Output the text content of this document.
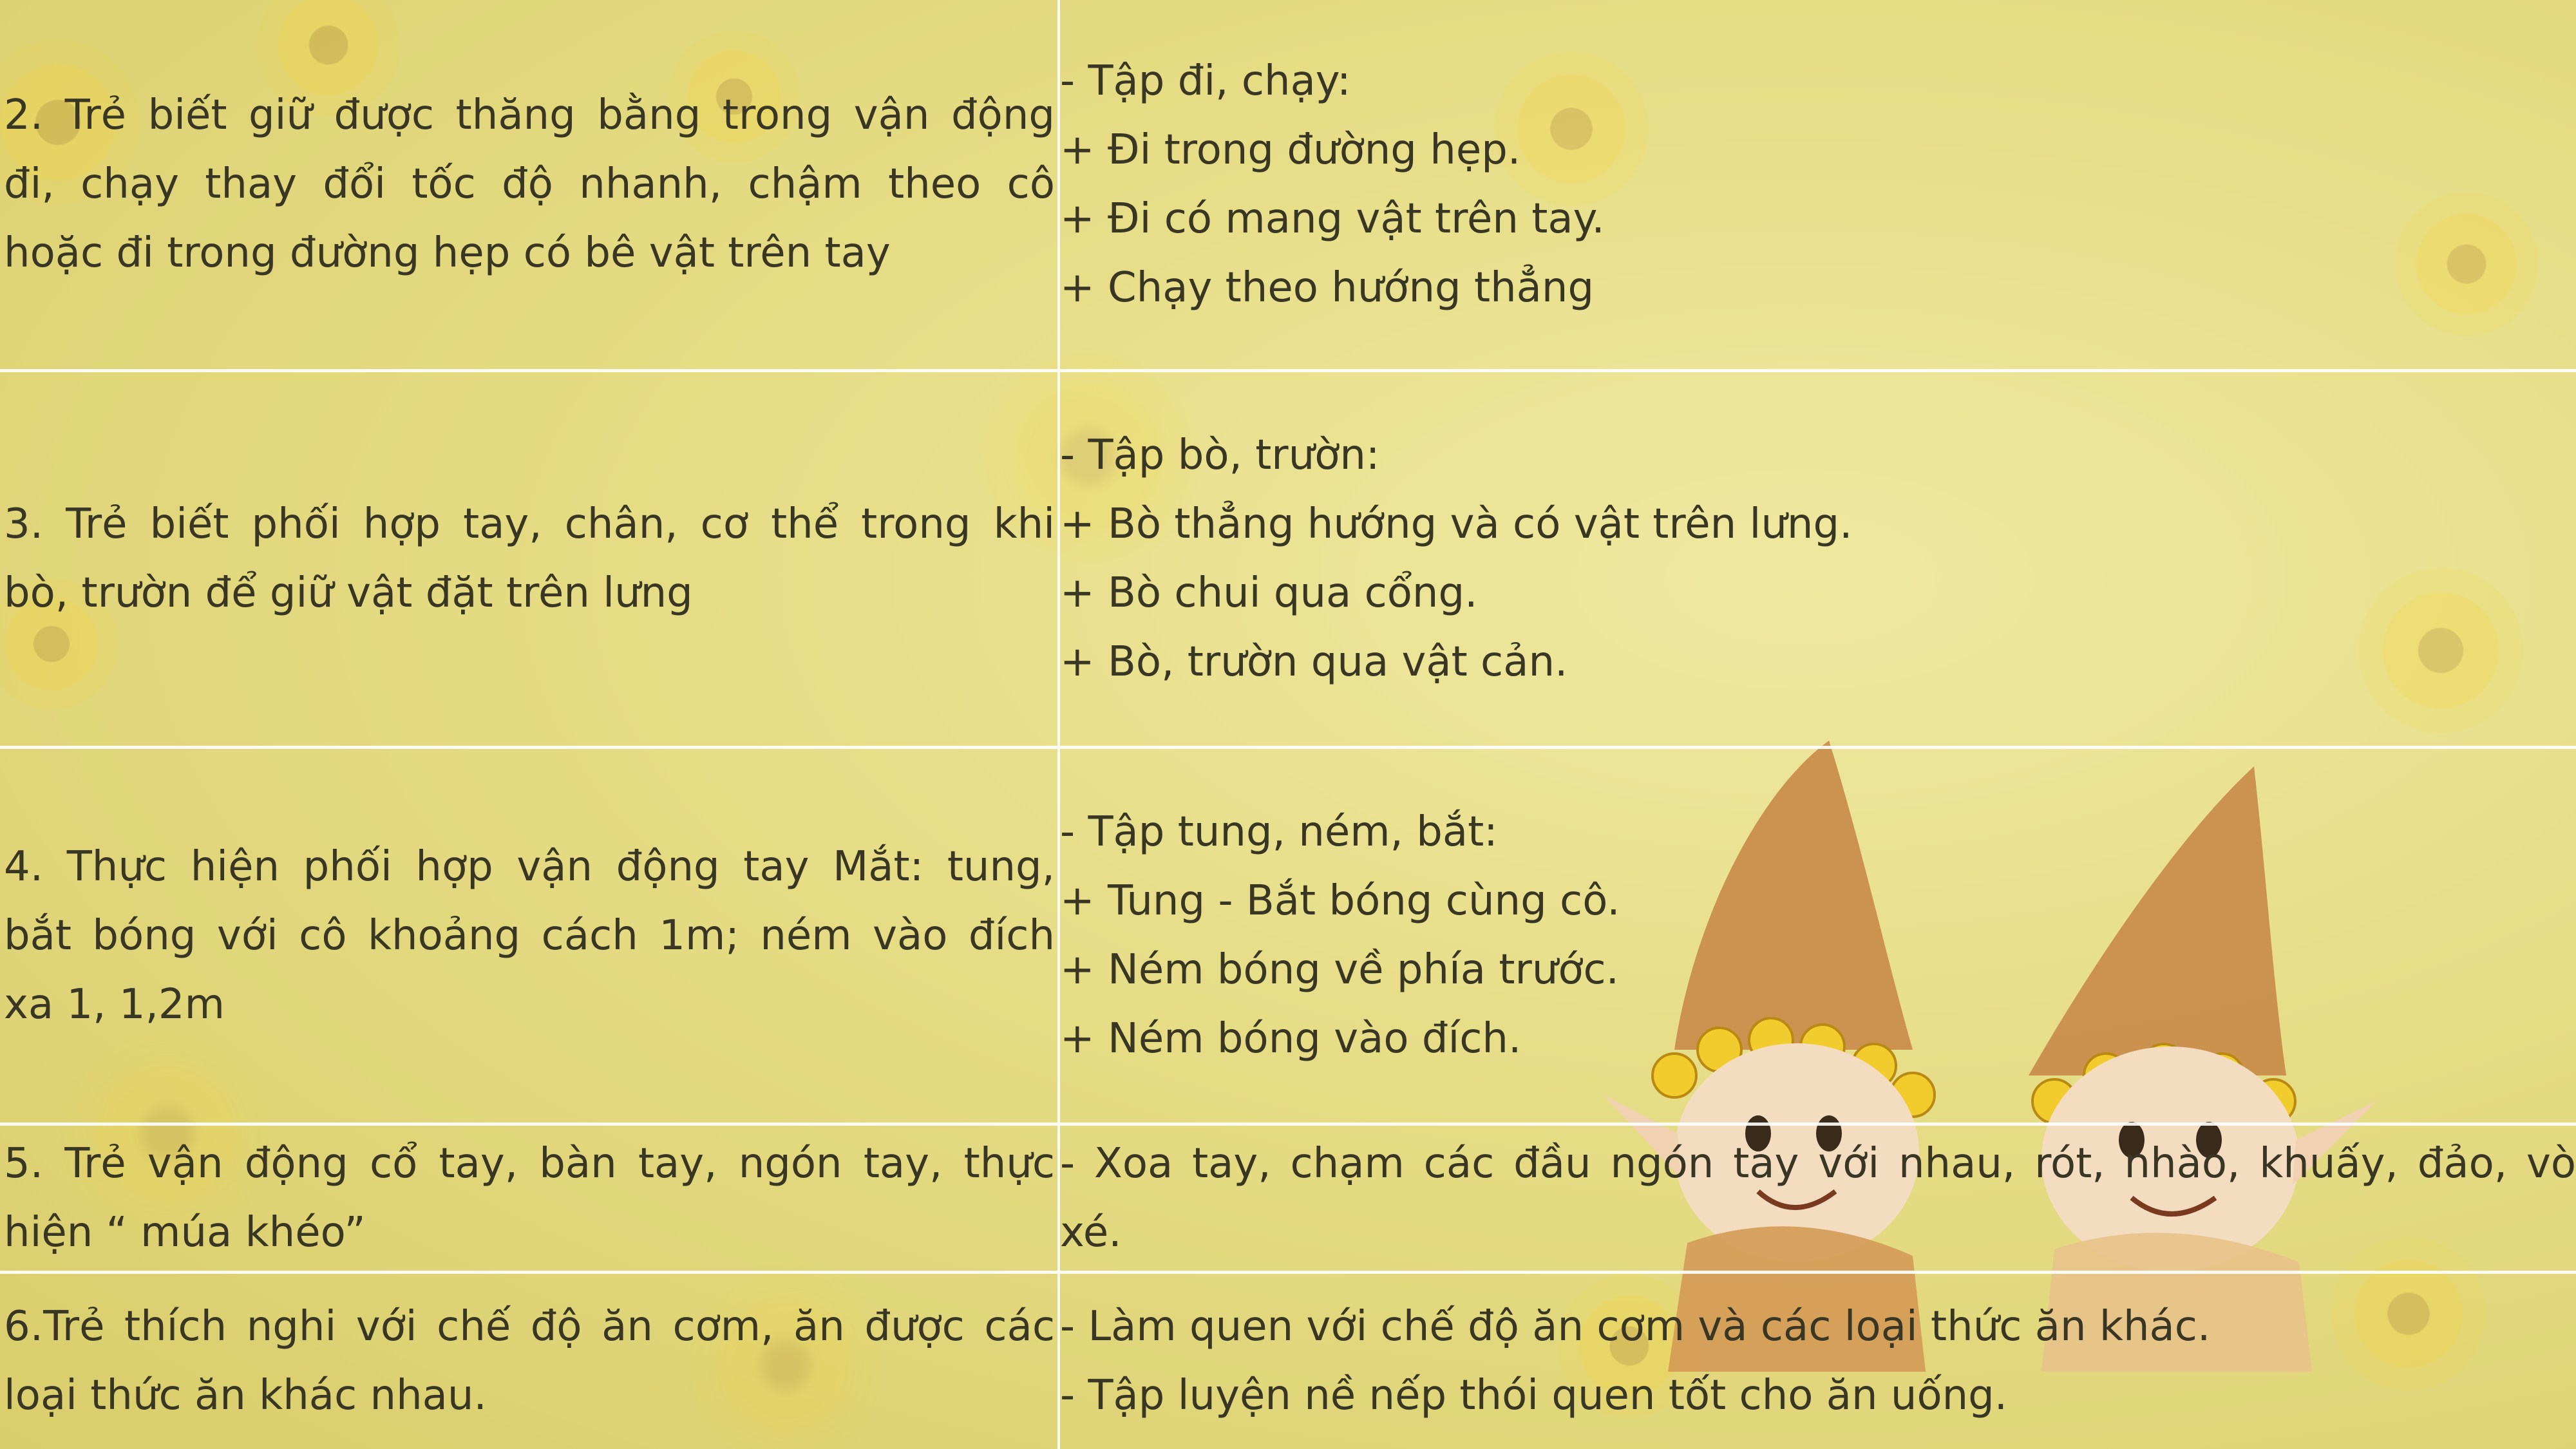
2. Trẻ biết giữ được thăng bằng trong vận động
đi, chạy thay đổi tốc độ nhanh, chậm theo cô
hoặc đi trong đường hẹp có bê vật trên tay
- Tập đi, chạy:
+ Đi trong đường hẹp.
+ Đi có mang vật trên tay.
+ Chạy theo hướng thẳng
3. Trẻ biết phối hợp tay, chân, cơ thể trong khi
bò, trườn để giữ vật đặt trên lưng
- Tập bò, trườn:
+ Bò thẳng hướng và có vật trên lưng.
+ Bò chui qua cổng.
+ Bò, trườn qua vật cản.
4. Thực hiện phối hợp vận động tay Mắt: tung,
bắt bóng với cô khoảng cách 1m; ném vào đích
xa 1, 1,2m
- Tập tung, ném, bắt:
+ Tung - Bắt bóng cùng cô.
+ Ném bóng về phía trước.
+ Ném bóng vào đích.
5. Trẻ vận động cổ tay, bàn tay, ngón tay, thực
hiện “ múa khéo”
- Xoa tay, chạm các đầu ngón tay với nhau, rót, nhào, khuấy, đảo, vò
xé.
6.Trẻ thích nghi với chế độ ăn cơm, ăn được các
loại thức ăn khác nhau.
- Làm quen với chế độ ăn cơm và các loại thức ăn khác.
- Tập luyện nề nếp thói quen tốt cho ăn uống.
